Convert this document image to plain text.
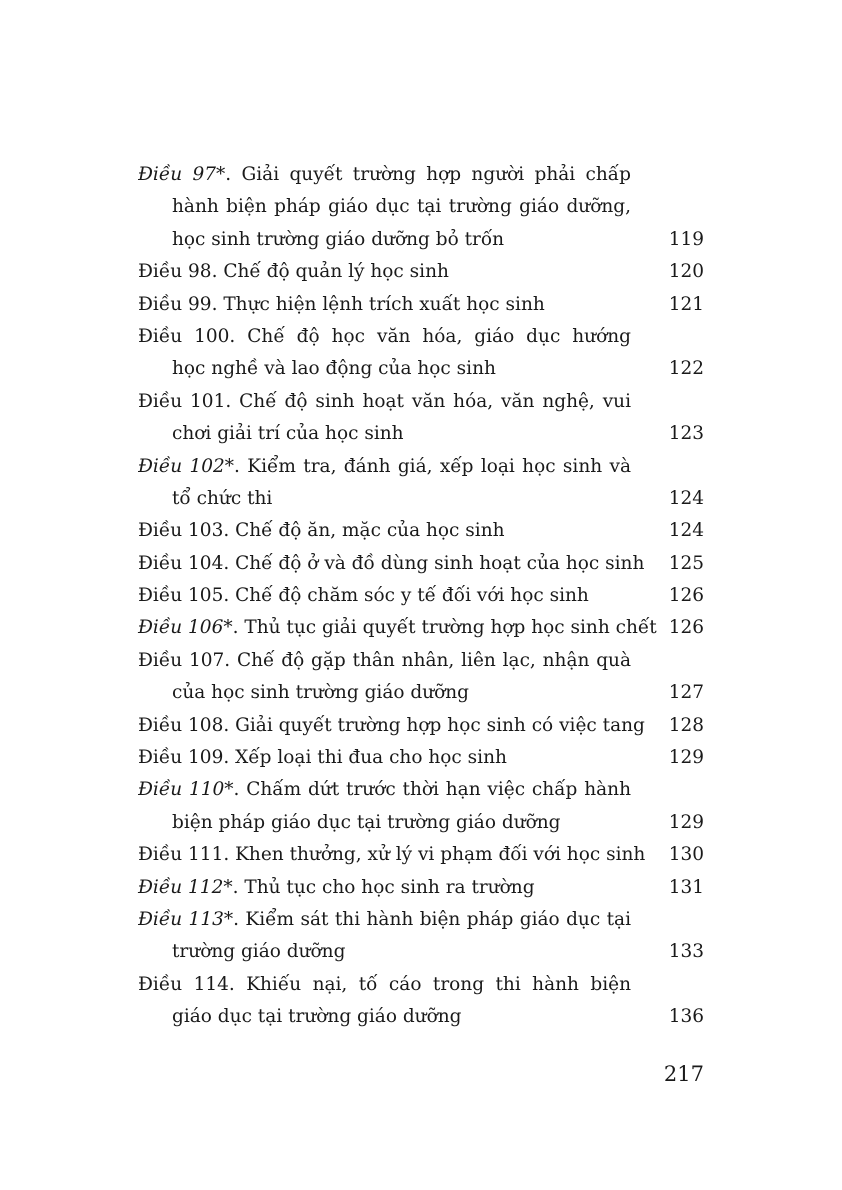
Điều 97*. Giải quyết trường hợp người phải chấp
hành biện pháp giáo dục tại trường giáo dưỡng,
học sinh trường giáo dưỡng bỏ trốn	119
Điều 98. Chế độ quản lý học sinh	120
Điều 99. Thực hiện lệnh trích xuất học sinh	121
Điều 100. Chế độ học văn hóa, giáo dục hướng
học nghề và lao động của học sinh	122
Điều 101. Chế độ sinh hoạt văn hóa, văn nghệ, vui
chơi giải trí của học sinh	123
Điều 102*. Kiểm tra, đánh giá, xếp loại học sinh và
tổ chức thi	124
Điều 103. Chế độ ăn, mặc của học sinh	124
Điều 104. Chế độ ở và đồ dùng sinh hoạt của học sinh 125
Điều 105. Chế độ chăm sóc y tế đối với học sinh	126
Điều 106*. Thủ tục giải quyết trường hợp học sinh chết 126
Điều 107. Chế độ gặp thân nhân, liên lạc, nhận quà
của học sinh trường giáo dưỡng	127
Điều 108. Giải quyết trường hợp học sinh có việc tang 128
Điều 109. Xếp loại thi đua cho học sinh	129
Điều 110*. Chấm dứt trước thời hạn việc chấp hành
biện pháp giáo dục tại trường giáo dưỡng	129
Điều 111. Khen thưởng, xử lý vi phạm đối với học sinh 130
Điều 112*. Thủ tục cho học sinh ra trường	131
Điều 113*. Kiểm sát thi hành biện pháp giáo dục tại
trường giáo dưỡng	133
Điều 114. Khiếu nại, tố cáo trong thi hành biện
giáo dục tại trường giáo dưỡng	136
217
